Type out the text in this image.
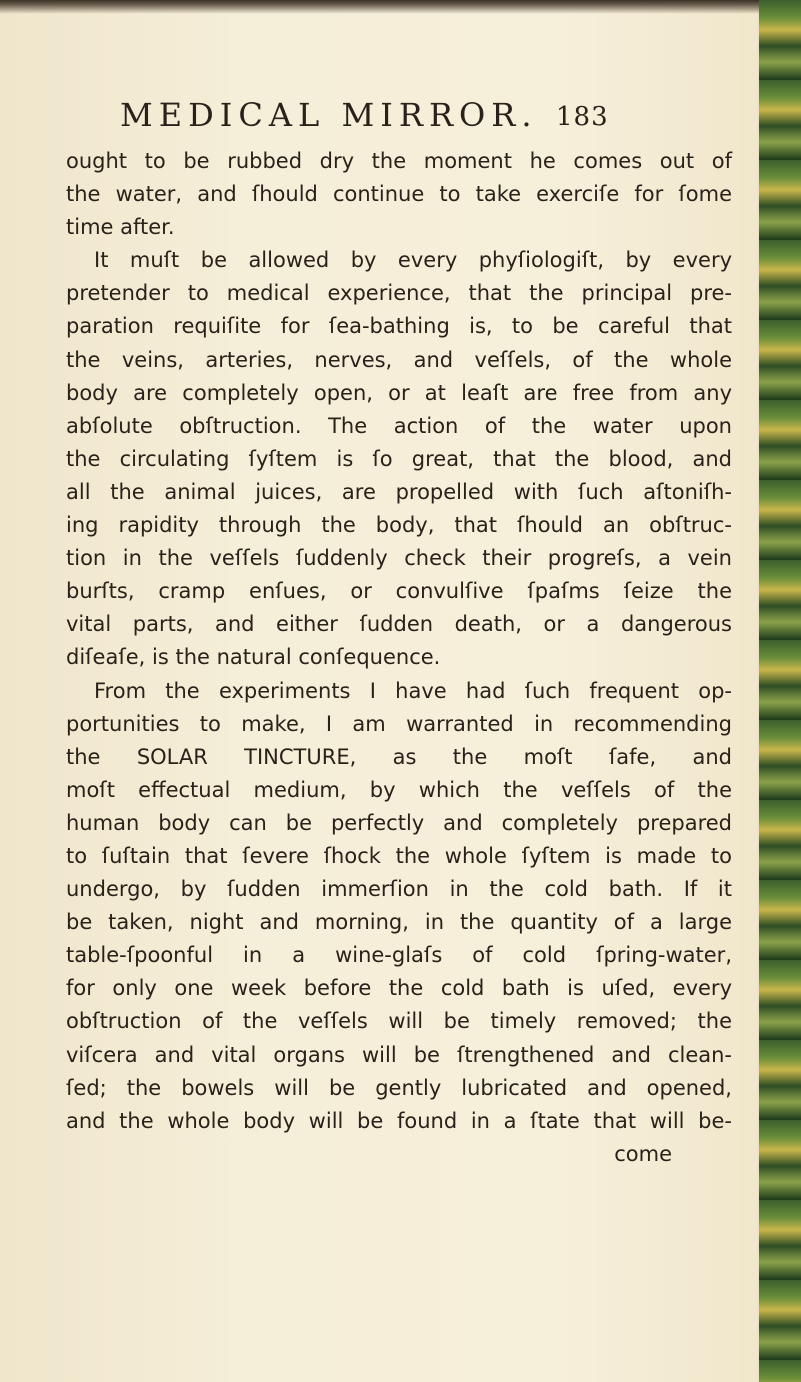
MEDICAL MIRROR. 183
ought to be rubbed dry the moment he comes out of
the water, and ſhould continue to take exerciſe for ſome
time after.
It muſt be allowed by every phyſiologiſt, by every
pretender to medical experience, that the principal pre-
paration requiſite for ſea-bathing is, to be careful that
the veins, arteries, nerves, and veſſels, of the whole
body are completely open, or at leaſt are free from any
abſolute obſtruction. The action of the water upon
the circulating ſyſtem is ſo great, that the blood, and
all the animal juices, are propelled with ſuch aſtoniſh-
ing rapidity through the body, that ſhould an obſtruc-
tion in the veſſels ſuddenly check their progreſs, a vein
burſts, cramp enſues, or convulſive ſpaſms ſeize the
vital parts, and either ſudden death, or a dangerous
diſeaſe, is the natural conſequence.
From the experiments I have had ſuch frequent op-
portunities to make, I am warranted in recommending
the SOLAR TINCTURE, as the moſt ſafe, and
moſt effectual medium, by which the veſſels of the
human body can be perfectly and completely prepared
to ſuſtain that ſevere ſhock the whole ſyſtem is made to
undergo, by ſudden immerſion in the cold bath. If it
be taken, night and morning, in the quantity of a large
table-ſpoonful in a wine-glaſs of cold ſpring-water,
for only one week before the cold bath is uſed, every
obſtruction of the veſſels will be timely removed; the
viſcera and vital organs will be ſtrengthened and clean-
ſed; the bowels will be gently lubricated and opened,
and the whole body will be found in a ſtate that will be-
come
